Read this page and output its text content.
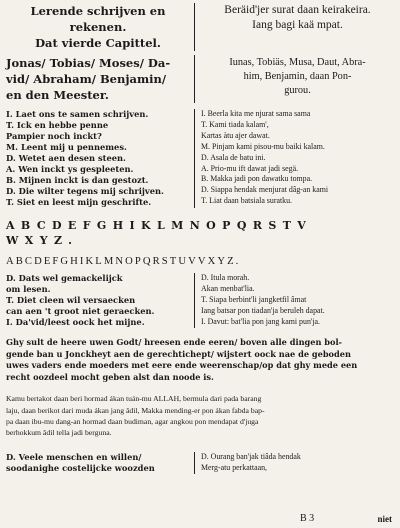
Lerende schrijven en rekenen.
Dat vierde Capittel.
Beräid'jer surat daan keirakeira.
Iang bagi kaä mpat.
Jonas/ Tobias/ Moses/ Da-
vid/ Abraham/ Benjamin/
en den Meester.
Iunas, Tobiäs, Musa, Daut, Abra-
him, Benjamin, daan Pon-
gurou.
I. Laet ons te samen schrijven.
T. Ick en hebbe penne
Pampier noch inckt?
M. Leent mij u pennemes.
D. Wetet aen desen steen.
A. Wen inckt ys gespleeten.
B. Mijnen inckt is dan gestozt.
D. Die wilter tegens mij schrijven.
T. Siet en leest mijn geschrifte.
I. Beerla kita me njurat sama sama
T. Kami tiada kalam',
Kartas àtu ajer dawat.
M. Pinjam kami pisou-mu baiki kalam.
D. Asala de batu ini.
A. Prio-mu ift dawat jadi segä.
B. Makka jadi pon dawatku tompa.
D. Siappa hendak menjurat dâg-an kami
T. Liat daan batsiala suratku.
ABCDEFGHIKLMNOPQRSTV
WXYZ.
ABCDEFGHIKLMNOPQRSTUVVXYZ.
D. Dats wel gemackelijck
om lesen.
T. Diet cleen wil versaecken
can aen 't groot niet geraecken.
I. Da'vid/leest oock het mijne.
D. Itula morah.
Akan menbat'lia.
T. Siapa berbint'li jangketfil âmat
Iang batsar pon tiadan'ja beruleh dapat.
I. Davut: bat'lia pon jang kami pun'ja.
Ghy sult de heere uwen Godt/ hreesen ende eeren/ boven alle dingen bol-
gende ban u Jonckheyt aen de gerechtichept/ wijstert oock nae de geboden
uwes vaders ende moeders met eere ende weerenschap/op dat ghy mede een
recht oozdeel mocht geben alst dan noode is.
Kamu bertakot daan beri hormad ákan tuán-mu ALLAH, bermula dari pada barang
laju, daan berikot dari muda ákan jang âdil, Makka mending-er pon ákan fabda bap-
pa daan ibu-mu dang-an hormad daan budiman, agar angkou pon mendapat d'juga
berhokkum âdil tella jadi berguna.
D. Veele menschen en willen/
soodanighe costelijcke woozden
D. Ourang ban'jak tiâda hendak
Merg-atu perkattaan,
B 3	niet
